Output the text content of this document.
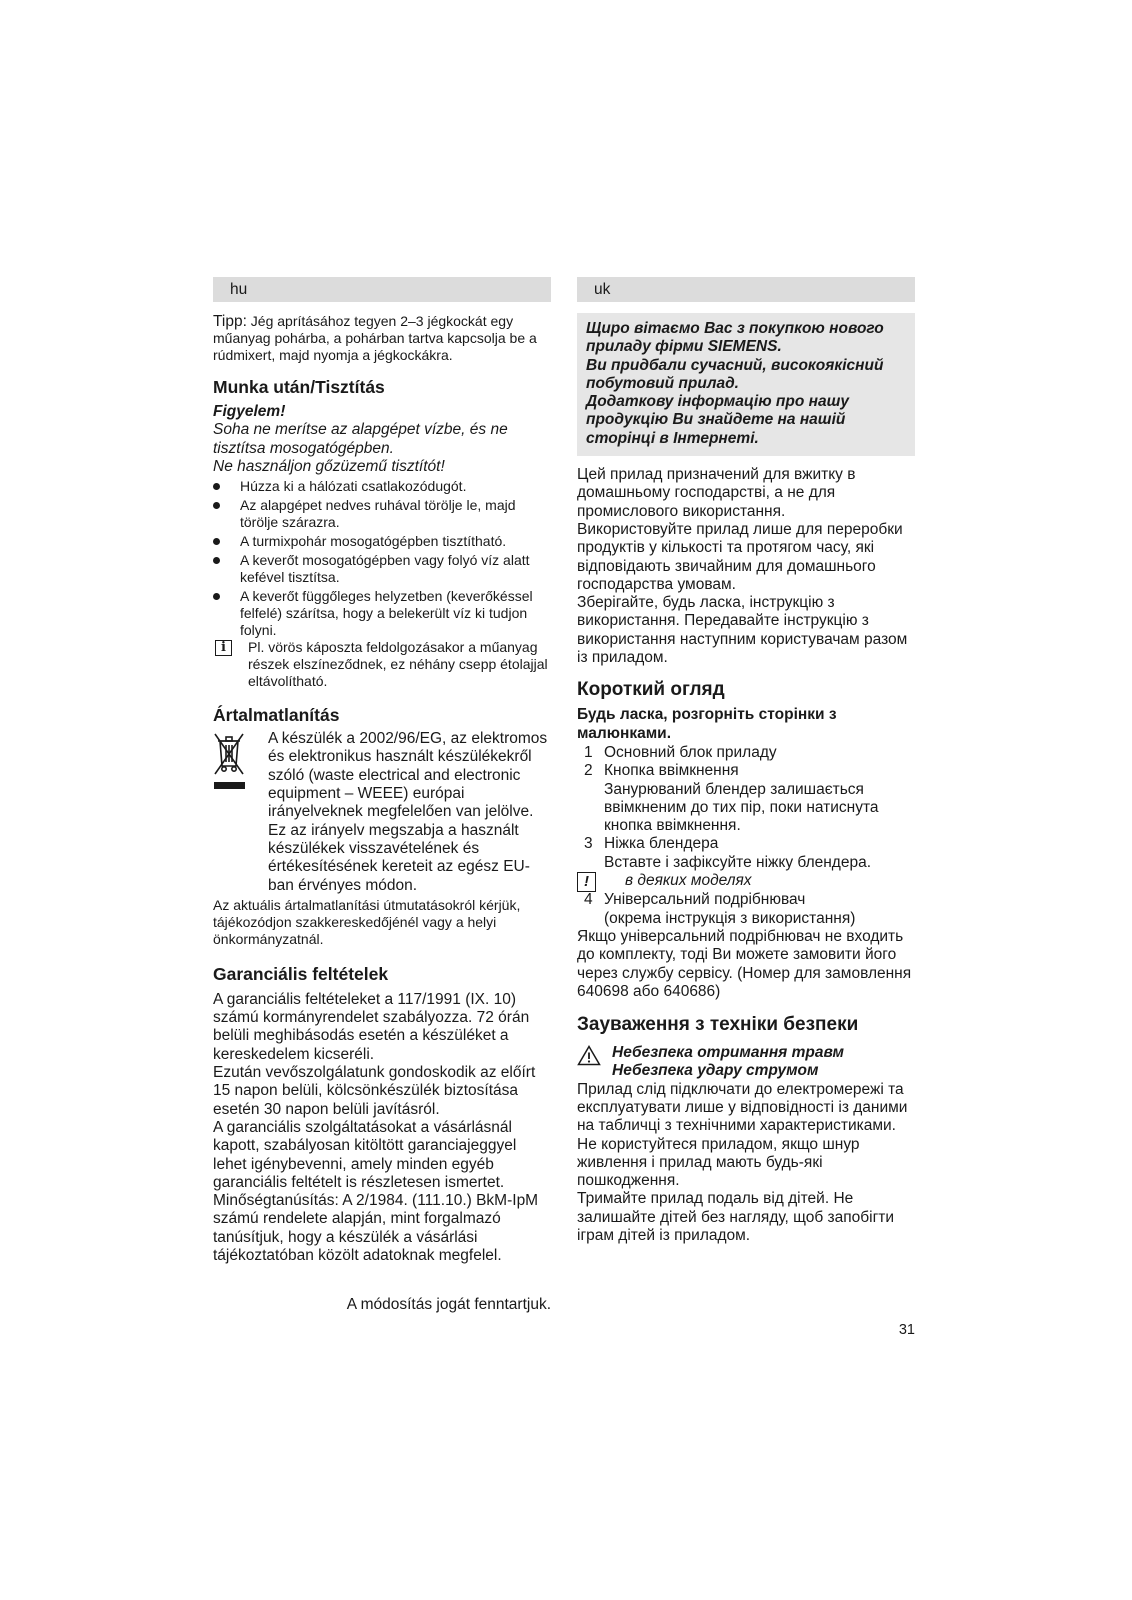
hu

Tipp: Jég aprításához tegyen 2–3 jégkockát egy műanyag pohárba, a pohárban tartva kapcsolja be a rúdmixert, majd nyomja a jégkockákra.

Munka után/Tisztítás

Figyelem!

Soha ne merítse az alapgépet vízbe, és ne tisztítsa mosogatógépben.

Ne használjon gőzüzemű tisztítót!

Húzza ki a hálózati csatlakozódugót.
Az alapgépet nedves ruhával törölje le, majd törölje szárazra.
A turmixpohár mosogatógépben tisztítható.
A keverőt mosogatógépben vagy folyó víz alatt kefével tisztítsa.
A keverőt függőleges helyzetben (keverőkéssel felfelé) szárítsa, hogy a belekerült víz ki tudjon folyni.
i	Pl. vörös káposzta feldolgozásakor a műanyag részek elszíneződnek, ez néhány csepp étolajjal eltávolítható.
Ártalmatlanítás
A készülék a 2002/96/EG, az elektromos és elektronikus használt készülékekről szóló (waste electrical and electronic equipment – WEEE) európai irányelveknek megfelelően van jelölve. Ez az irányelv megszabja a használt készülékek visszavételének és értékesítésének kereteit az egész EU-ban érvényes módon.

Az aktuális ártalmatlanítási útmutatásokról kérjük, tájékozódjon szakkereskedőjénél vagy a helyi önkormányzatnál.

Garanciális feltételek

A garanciális feltételeket a 117/1991 (IX. 10) számú kormányrendelet szabályozza. 72 órán belüli meghibásodás esetén a készüléket a kereskedelem kicseréli.

Ezután vevőszolgálatunk gondoskodik az előírt 15 napon belüli, kölcsönkészülék biztosítása esetén 30 napon belüli javításról.

A garanciális szolgáltatásokat a vásárlásnál kapott, szabályosan kitöltött garanciajeggyel lehet igénybevenni, amely minden egyéb garanciális feltételt is részletesen ismertet. Minőségtanúsítás: A 2/1984. (111.10.) BkM-IpM számú rendelete alapján, mint forgalmazó tanúsítjuk, hogy a készülék a vásárlási tájékoztatóban közölt adatoknak megfelel.

A módosítás jogát fenntartjuk.

uk

Щиро вітаємо Вас з покупкою нового приладу фірми SIEMENS.

Ви придбали сучасний, високоякісний побутовий прилад.

Додаткову інформацію про нашу продукцію Ви знайдете на нашій сторінці в Інтернеті.

Цей прилад призначений для вжитку в домашньому господарстві, а не для промислового використання.

Використовуйте прилад лише для переробки продуктів у кількості та протягом часу, які відповідають звичайним для домашнього господарства умовам.

Зберігайте, будь ласка, інструкцію з використання. Передавайте інструкцію з використання наступним користувачам разом із приладом.

Короткий огляд

Будь ласка, розгорніть сторінки з малюнками.

1 Основний блок приладу
2 Кнопка ввімкнення
Занурюваний блендер залишається ввімкненим до тих пір, поки натиснута кнопка ввімкнення.
3 Ніжка блендера
Вставте і зафіксуйте ніжку блендера.
!	в деяких моделях
4 Універсальний подрібнювач
(окрема інструкція з використання)

Якщо універсальний подрібнювач не входить до комплекту, тоді Ви можете замовити його через службу сервісу. (Номер для замовлення 640698 або 640686)

Зауваження з техніки безпеки

Небезпека отримання травм

Небезпека удару струмом

Прилад слід підключати до електромережі та експлуатувати лише у відповідності із даними на табличці з технічними характеристиками.

Не користуйтеся приладом, якщо шнур живлення і прилад мають будь-які пошкодження.

Тримайте прилад подаль від дітей. Не залишайте дітей без нагляду, щоб запобігти іграм дітей із приладом.

31
